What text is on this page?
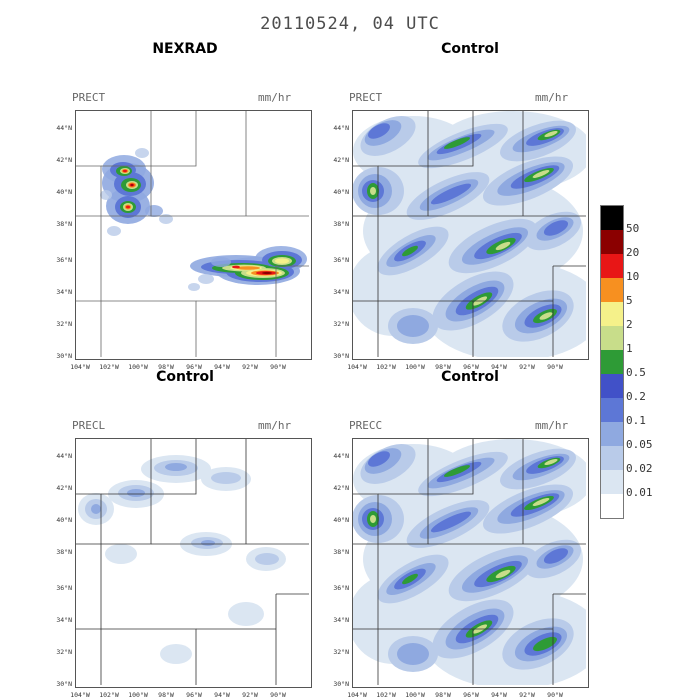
20110524, 04 UTC
NEXRAD	Control
Control	Control
PRECT	mm/hr	PRECT	mm/hr
PRECL	mm/hr	PRECC	mm/hr
44°N
42°N
40°N
38°N
36°N
34°N
32°N
30°N
104°W	102°W	100°W	98°W	96°W	94°W	92°W	90°W
44°N
42°N
40°N
38°N
36°N
34°N
32°N
30°N
104°W	102°W	100°W	98°W	96°W	94°W	92°W	90°W
44°N
42°N
40°N
38°N
36°N
34°N
32°N
30°N
104°W	102°W	100°W	98°W	96°W	94°W	92°W	90°W
44°N
42°N
40°N
38°N
36°N
34°N
32°N
30°N
104°W	102°W	100°W	98°W	96°W	94°W	92°W	90°W
50
20
10
5
2
1
0.5
0.2
0.1
0.05
0.02
0.01
